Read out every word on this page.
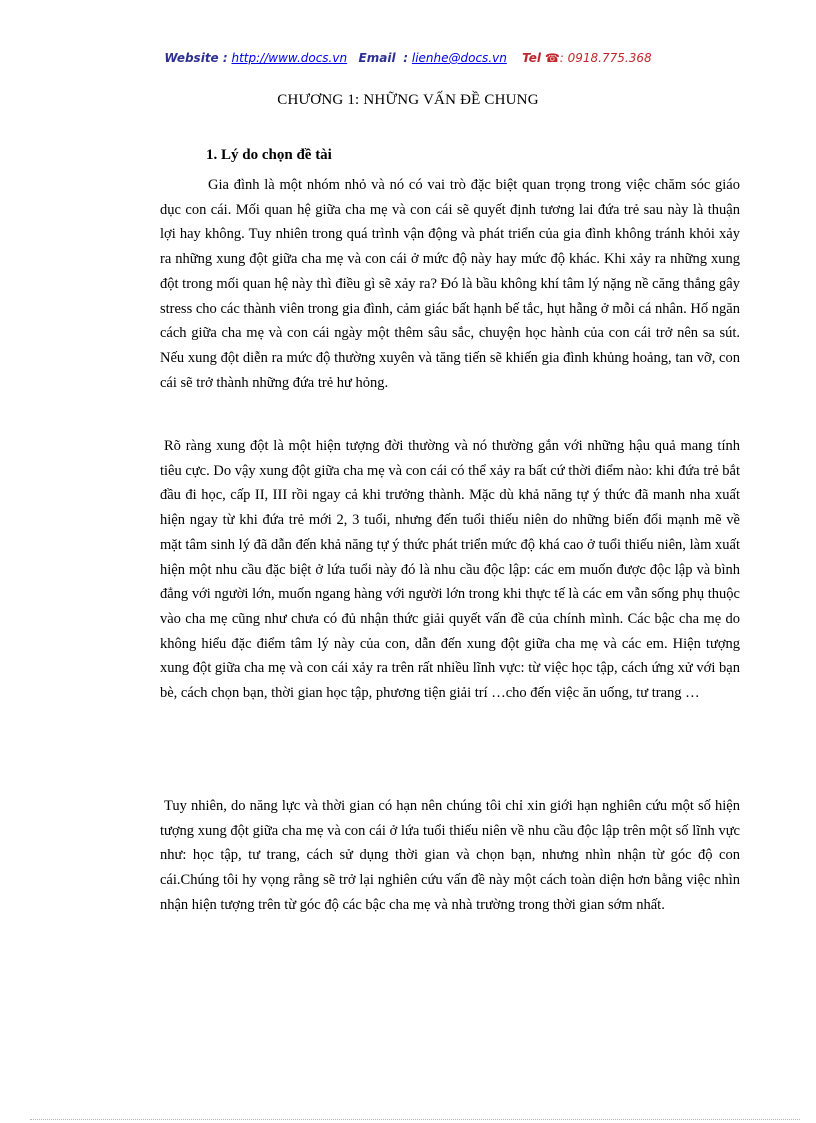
Website : http://www.docs.vn Email : lienhe@docs.vn Tel ☎: 0918.775.368
CHƯƠNG 1: NHỮNG VẤN ĐỀ CHUNG
1. Lý do chọn đề tài

Gia đình là một nhóm nhỏ và nó có vai trò đặc biệt quan trọng trong việc chăm sóc giáo dục con cái. Mối quan hệ giữa cha mẹ và con cái sẽ quyết định tương lai đứa trẻ sau này là thuận lợi hay không. Tuy nhiên trong quá trình vận động và phát triển của gia đình không tránh khỏi xảy ra những xung đột giữa cha mẹ và con cái ở mức độ này hay mức độ khác. Khi xảy ra những xung đột trong mối quan hệ này thì điều gì sẽ xảy ra? Đó là bầu không khí tâm lý nặng nề căng thẳng gây stress cho các thành viên trong gia đình, cảm giác bất hạnh bế tắc, hụt hẫng ở mỗi cá nhân. Hố ngăn cách giữa cha mẹ và con cái ngày một thêm sâu sắc, chuyện học hành của con cái trở nên sa sút. Nếu xung đột diễn ra mức độ thường xuyên và tăng tiến sẽ khiến gia đình khủng hoảng, tan vỡ, con cái sẽ trở thành những đứa trẻ hư hỏng.

Rõ ràng xung đột là một hiện tượng đời thường và nó thường gắn với những hậu quả mang tính tiêu cực. Do vậy xung đột giữa cha mẹ và con cái có thể xảy ra bất cứ thời điểm nào: khi đứa trẻ bắt đầu đi học, cấp II, III rồi ngay cả khi trưởng thành. Mặc dù khả năng tự ý thức đã manh nha xuất hiện ngay từ khi đứa trẻ mới 2, 3 tuổi, nhưng đến tuổi thiếu niên do những biến đổi mạnh mẽ về mặt tâm sinh lý đã dẫn đến khả năng tự ý thức phát triển mức độ khá cao ở tuổi thiếu niên, làm xuất hiện một nhu cầu đặc biệt ở lứa tuổi này đó là nhu cầu độc lập: các em muốn được độc lập và bình đẳng với người lớn, muốn ngang hàng với người lớn trong khi thực tế là các em vẫn sống phụ thuộc vào cha mẹ cũng như chưa có đủ nhận thức giải quyết vấn đề của chính mình. Các bậc cha mẹ do không hiểu đặc điểm tâm lý này của con, dẫn đến xung đột giữa cha mẹ và các em. Hiện tượng xung đột giữa cha mẹ và con cái xảy ra trên rất nhiều lĩnh vực: từ việc học tập, cách ứng xử với bạn bè, cách chọn bạn, thời gian học tập, phương tiện giải trí …cho đến việc ăn uống, tư trang …

Tuy nhiên, do năng lực và thời gian có hạn nên chúng tôi chỉ xin giới hạn nghiên cứu một số hiện tượng xung đột giữa cha mẹ và con cái ở lứa tuổi thiếu niên về nhu cầu độc lập trên một số lĩnh vực như: học tập, tư trang, cách sử dụng thời gian và chọn bạn, nhưng nhìn nhận từ góc độ con cái.Chúng tôi hy vọng rằng sẽ trở lại nghiên cứu vấn đề này một cách toàn diện hơn bằng việc nhìn nhận hiện tượng trên từ góc độ các bậc cha mẹ và nhà trường trong thời gian sớm nhất.
